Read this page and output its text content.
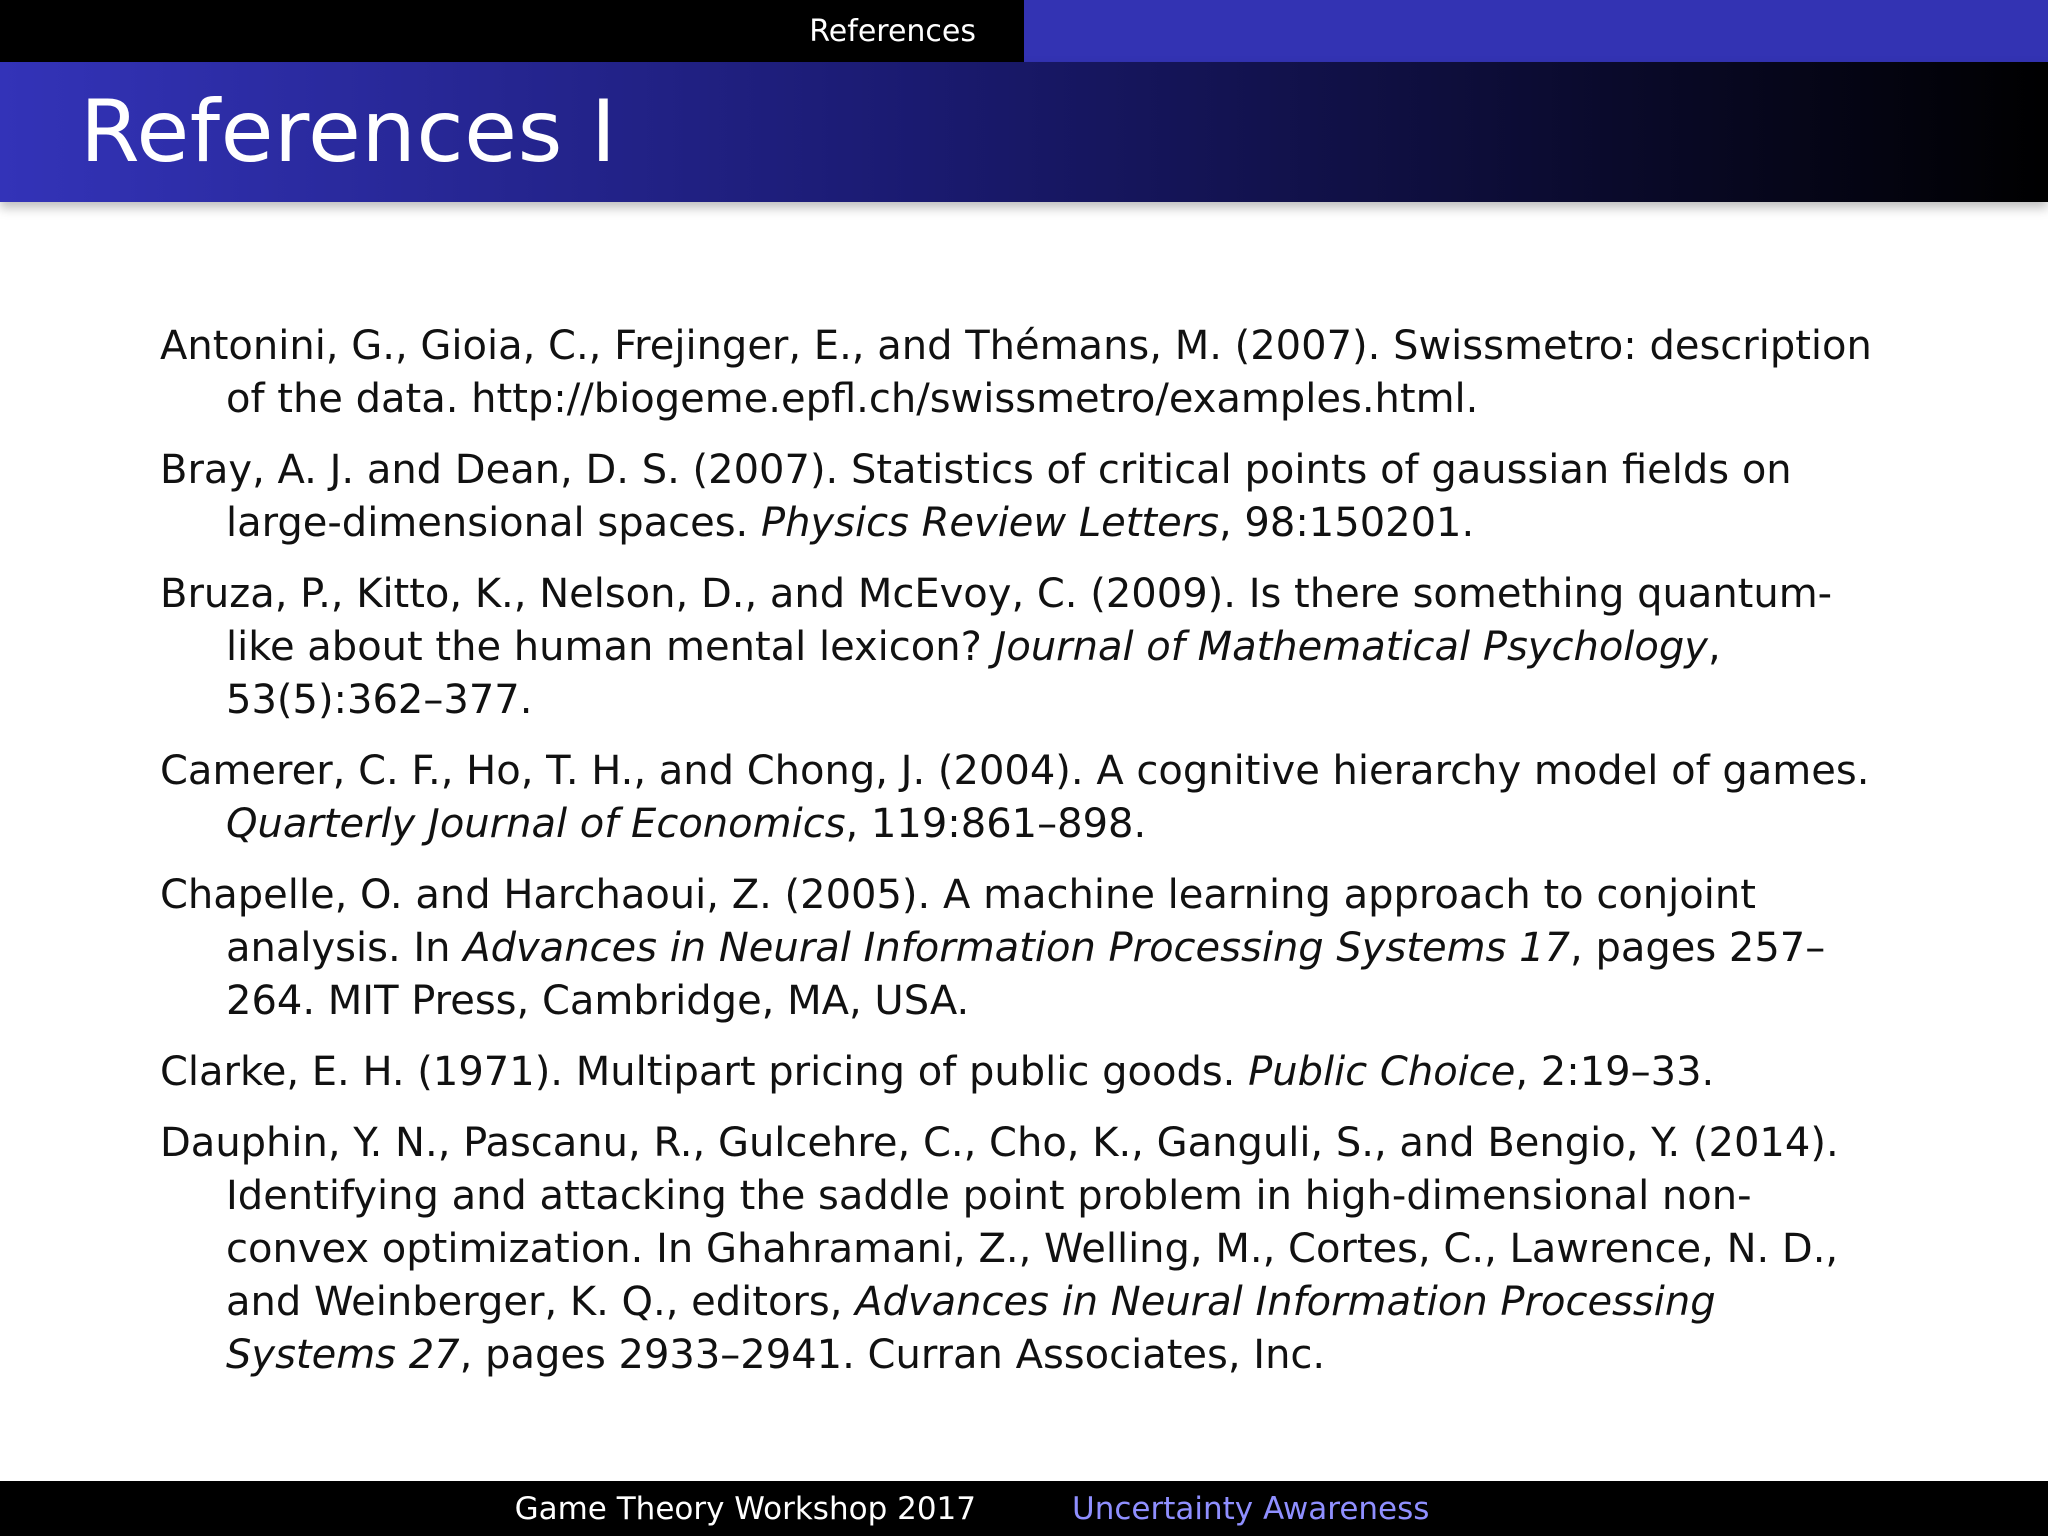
References
References I
Antonini, G., Gioia, C., Frejinger, E., and Thémans, M. (2007). Swissmetro: description of the data. http://biogeme.epfl.ch/swissmetro/examples.html.
Bray, A. J. and Dean, D. S. (2007). Statistics of critical points of gaussian fields on large-dimensional spaces. Physics Review Letters, 98:150201.
Bruza, P., Kitto, K., Nelson, D., and McEvoy, C. (2009). Is there something quantum-like about the human mental lexicon? Journal of Mathematical Psychology, 53(5):362–377.
Camerer, C. F., Ho, T. H., and Chong, J. (2004). A cognitive hierarchy model of games. Quarterly Journal of Economics, 119:861–898.
Chapelle, O. and Harchaoui, Z. (2005). A machine learning approach to conjoint analysis. In Advances in Neural Information Processing Systems 17, pages 257–264. MIT Press, Cambridge, MA, USA.
Clarke, E. H. (1971). Multipart pricing of public goods. Public Choice, 2:19–33.
Dauphin, Y. N., Pascanu, R., Gulcehre, C., Cho, K., Ganguli, S., and Bengio, Y. (2014). Identifying and attacking the saddle point problem in high-dimensional non-convex optimization. In Ghahramani, Z., Welling, M., Cortes, C., Lawrence, N. D., and Weinberger, K. Q., editors, Advances in Neural Information Processing Systems 27, pages 2933–2941. Curran Associates, Inc.
Game Theory Workshop 2017	Uncertainty Awareness
